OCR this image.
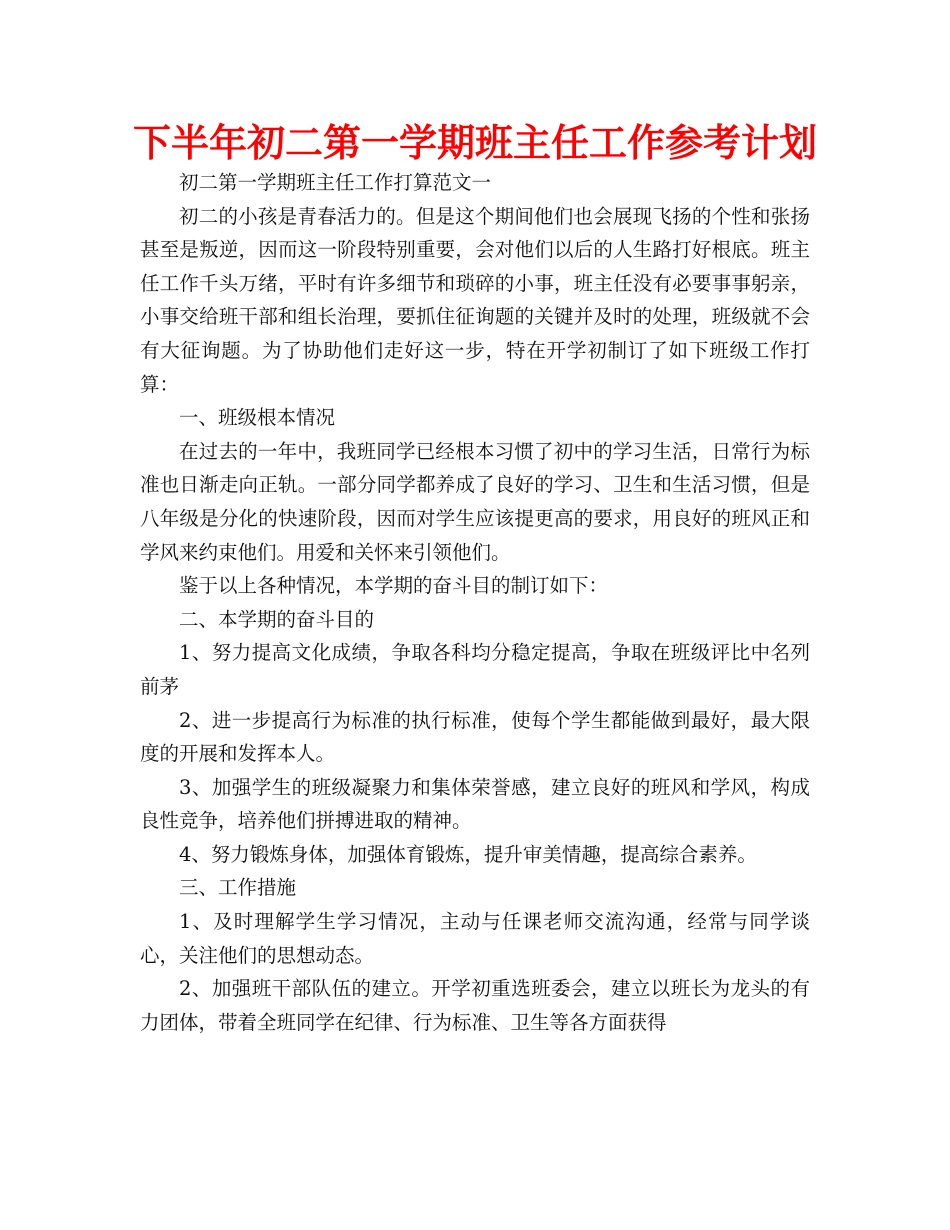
下半年初二第一学期班主任工作参考计划

初二第一学期班主任工作打算范文一

初二的小孩是青春活力的。但是这个期间他们也会展现飞扬的个性和张扬甚至是叛逆，因而这一阶段特别重要，会对他们以后的人生路打好根底。班主任工作千头万绪，平时有许多细节和琐碎的小事，班主任没有必要事事躬亲，小事交给班干部和组长治理，要抓住征询题的关键并及时的处理，班级就不会有大征询题。为了协助他们走好这一步，特在开学初制订了如下班级工作打算：

一、班级根本情况

在过去的一年中，我班同学已经根本习惯了初中的学习生活，日常行为标准也日渐走向正轨。一部分同学都养成了良好的学习、卫生和生活习惯，但是八年级是分化的快速阶段，因而对学生应该提更高的要求，用良好的班风正和学风来约束他们。用爱和关怀来引领他们。

鉴于以上各种情况，本学期的奋斗目的制订如下：

二、本学期的奋斗目的

1、努力提高文化成绩，争取各科均分稳定提高，争取在班级评比中名列前茅

2、进一步提高行为标准的执行标准，使每个学生都能做到最好，最大限度的开展和发挥本人。

3、加强学生的班级凝聚力和集体荣誉感，建立良好的班风和学风，构成良性竞争，培养他们拼搏进取的精神。

4、努力锻炼身体，加强体育锻炼，提升审美情趣，提高综合素养。

三、工作措施

1、及时理解学生学习情况，主动与任课老师交流沟通，经常与同学谈心，关注他们的思想动态。

2、加强班干部队伍的建立。开学初重选班委会，建立以班长为龙头的有力团体，带着全班同学在纪律、行为标准、卫生等各方面获得
